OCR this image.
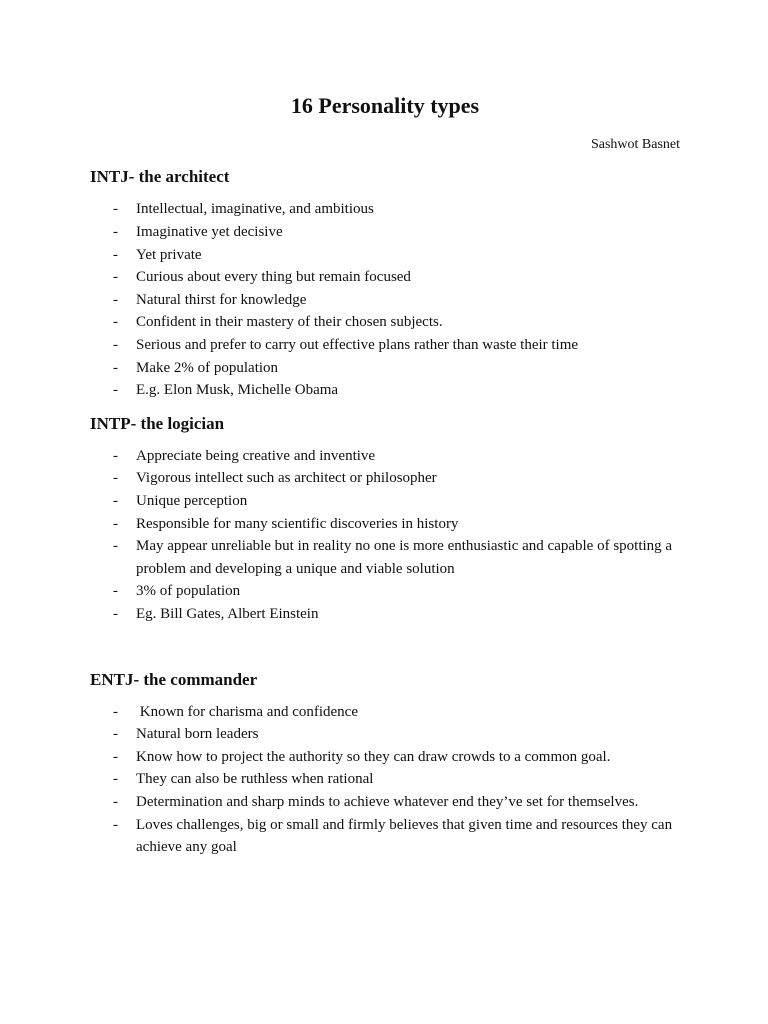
16 Personality types

Sashwot Basnet

INTJ- the architect
- Intellectual, imaginative, and ambitious
- Imaginative yet decisive
- Yet private
- Curious about every thing but remain focused
- Natural thirst for knowledge
- Confident in their mastery of their chosen subjects.
- Serious and prefer to carry out effective plans rather than waste their time
- Make 2% of population
- E.g. Elon Musk, Michelle Obama
INTP- the logician
- Appreciate being creative and inventive
- Vigorous intellect such as architect or philosopher
- Unique perception
- Responsible for many scientific discoveries in history
- May appear unreliable but in reality no one is more enthusiastic and capable of spotting a problem and developing a unique and viable solution
- 3% of population
- Eg. Bill Gates, Albert Einstein
ENTJ- the commander
- Known for charisma and confidence
- Natural born leaders
- Know how to project the authority so they can draw crowds to a common goal.
- They can also be ruthless when rational
- Determination and sharp minds to achieve whatever end they’ve set for themselves.
- Loves challenges, big or small and firmly believes that given time and resources they can achieve any goal
